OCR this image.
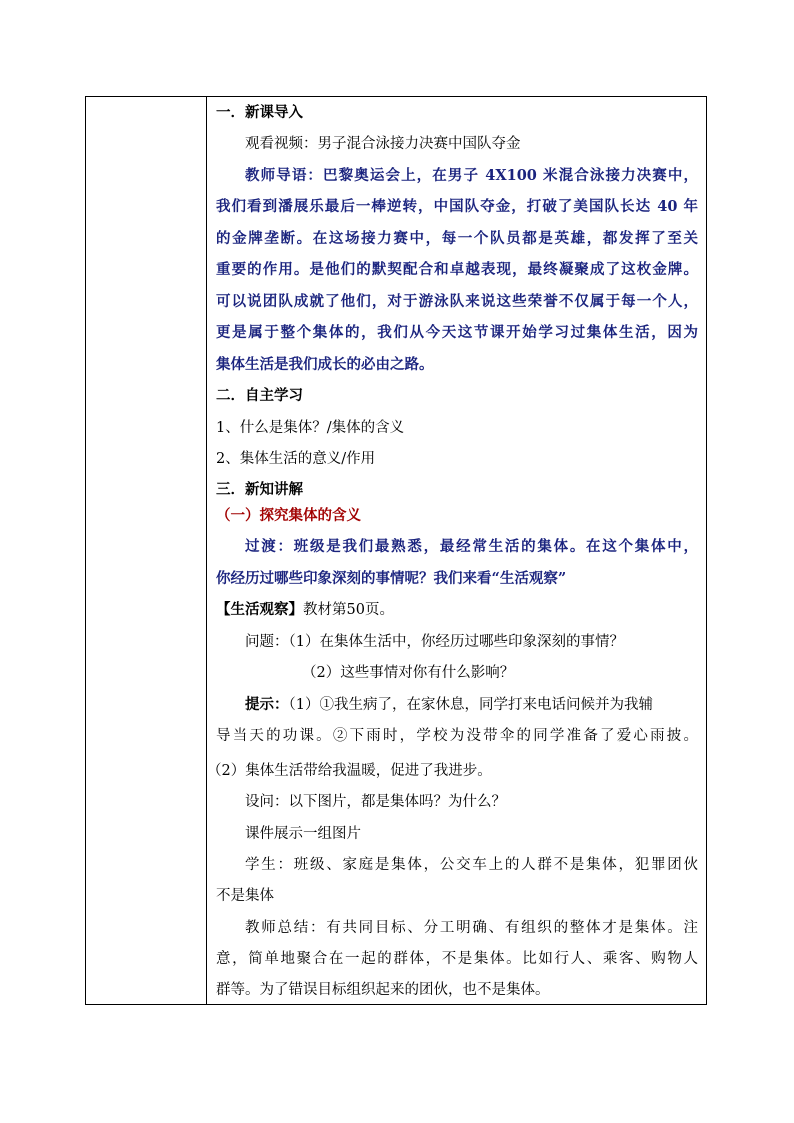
一．新课导入
观看视频：男子混合泳接力决赛中国队夺金
教师导语：巴黎奥运会上，在男子 4X100 米混合泳接力决赛中，
我们看到潘展乐最后一棒逆转，中国队夺金，打破了美国队长达 40 年
的金牌垄断。在这场接力赛中，每一个队员都是英雄，都发挥了至关
重要的作用。是他们的默契配合和卓越表现，最终凝聚成了这枚金牌。
可以说团队成就了他们，对于游泳队来说这些荣誉不仅属于每一个人，
更是属于整个集体的，我们从今天这节课开始学习过集体生活，因为
集体生活是我们成长的必由之路。
二．自主学习
1、什么是集体？/集体的含义
2、集体生活的意义/作用
三．新知讲解
（一）探究集体的含义
过渡：班级是我们最熟悉，最经常生活的集体。在这个集体中，
你经历过哪些印象深刻的事情呢？我们来看“生活观察”
【生活观察】教材第50页。
问题：（1）在集体生活中，你经历过哪些印象深刻的事情？
（2）这些事情对你有什么影响？
提示：（1）①我生病了，在家休息，同学打来电话问候并为我辅
导当天的功课。②下雨时，学校为没带伞的同学准备了爱心雨披。
（2）集体生活带给我温暖，促进了我进步。
设问：以下图片，都是集体吗？为什么？
课件展示一组图片
学生：班级、家庭是集体，公交车上的人群不是集体，犯罪团伙
不是集体
教师总结：有共同目标、分工明确、有组织的整体才是集体。注
意，简单地聚合在一起的群体，不是集体。比如行人、乘客、购物人
群等。为了错误目标组织起来的团伙，也不是集体。
